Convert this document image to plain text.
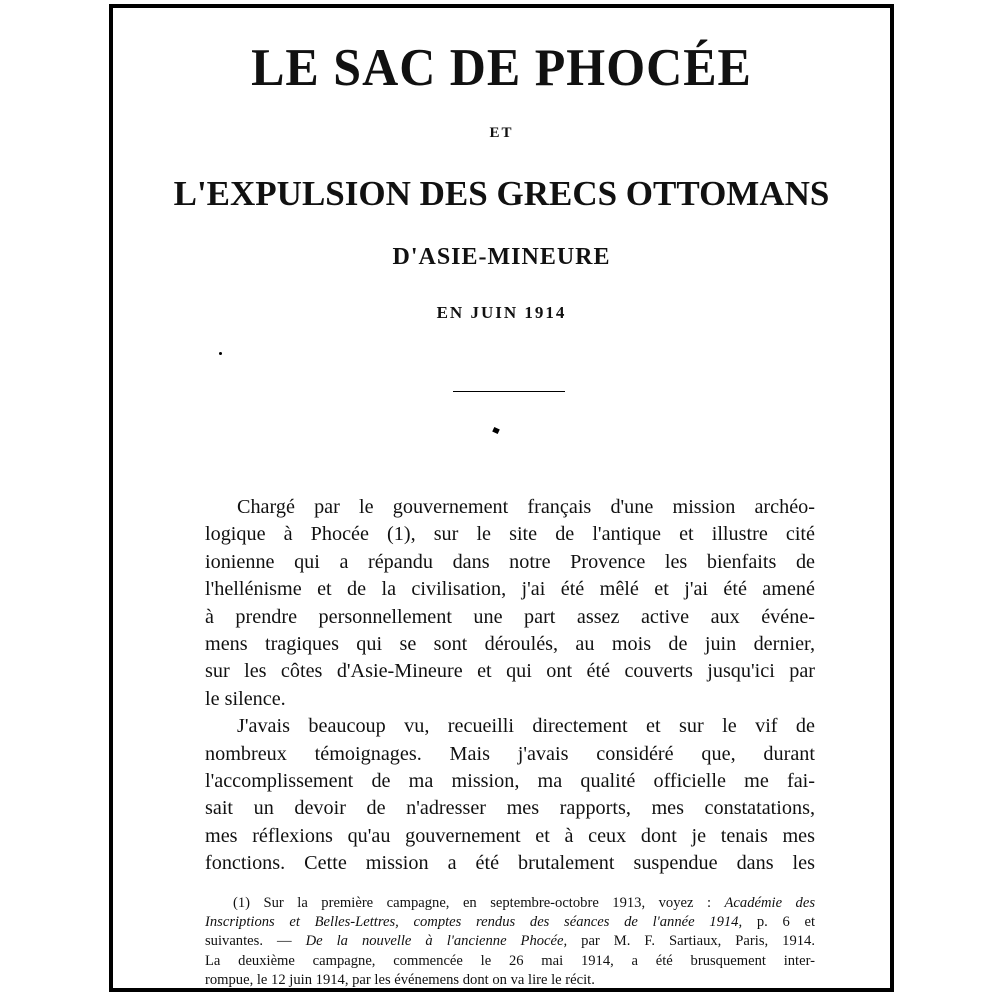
LE SAC DE PHOCÉE
ET
L'EXPULSION DES GRECS OTTOMANS
D'ASIE-MINEURE
EN JUIN 1914
Chargé par le gouvernement français d'une mission archéo-
logique à Phocée (1), sur le site de l'antique et illustre cité
ionienne qui a répandu dans notre Provence les bienfaits de
l'hellénisme et de la civilisation, j'ai été mêlé et j'ai été amené
à prendre personnellement une part assez active aux événe-
mens tragiques qui se sont déroulés, au mois de juin dernier,
sur les côtes d'Asie-Mineure et qui ont été couverts jusqu'ici par
le silence.
J'avais beaucoup vu, recueilli directement et sur le vif de
nombreux témoignages. Mais j'avais considéré que, durant
l'accomplissement de ma mission, ma qualité officielle me fai-
sait un devoir de n'adresser mes rapports, mes constatations,
mes réflexions qu'au gouvernement et à ceux dont je tenais mes
fonctions. Cette mission a été brutalement suspendue dans les
(1) Sur la première campagne, en septembre-octobre 1913, voyez : Académie des
Inscriptions et Belles-Lettres, comptes rendus des séances de l'année 1914, p. 6 et
suivantes. — De la nouvelle à l'ancienne Phocée, par M. F. Sartiaux, Paris, 1914.
La deuxième campagne, commencée le 26 mai 1914, a été brusquement inter-
rompue, le 12 juin 1914, par les événemens dont on va lire le récit.
